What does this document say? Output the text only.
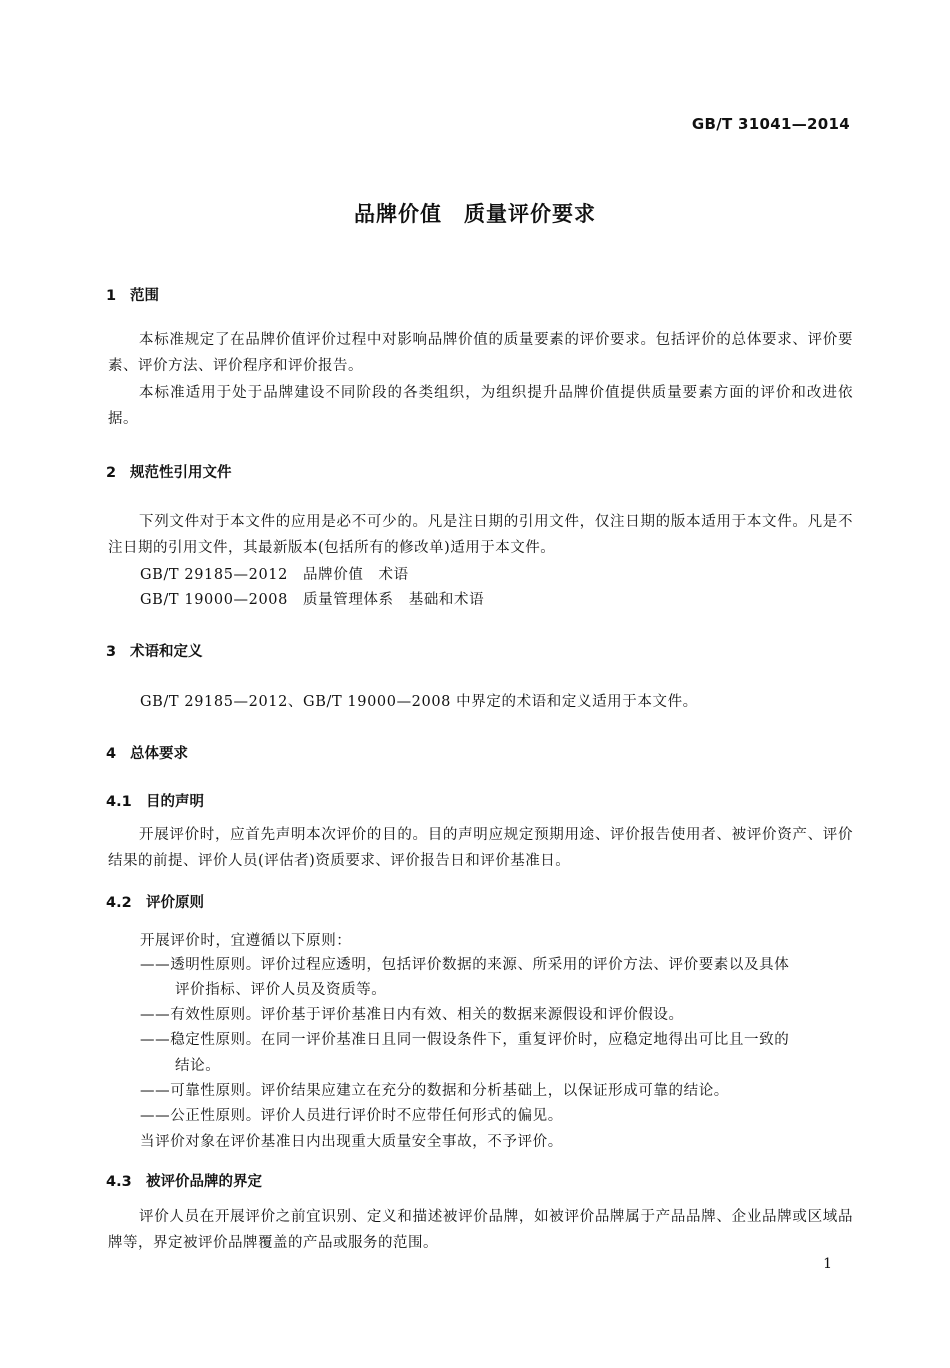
GB/T 31041—2014
品牌价值　质量评价要求
1 范围
本标准规定了在品牌价值评价过程中对影响品牌价值的质量要素的评价要求。包括评价的总体要求、评价要素、评价方法、评价程序和评价报告。
本标准适用于处于品牌建设不同阶段的各类组织，为组织提升品牌价值提供质量要素方面的评价和改进依据。
2 规范性引用文件
下列文件对于本文件的应用是必不可少的。凡是注日期的引用文件，仅注日期的版本适用于本文件。凡是不注日期的引用文件，其最新版本(包括所有的修改单)适用于本文件。
GB/T 29185—2012　品牌价值　术语
GB/T 19000—2008　质量管理体系　基础和术语
3 术语和定义
GB/T 29185—2012、GB/T 19000—2008 中界定的术语和定义适用于本文件。
4 总体要求
4.1 目的声明
开展评价时，应首先声明本次评价的目的。目的声明应规定预期用途、评价报告使用者、被评价资产、评价结果的前提、评价人员(评估者)资质要求、评价报告日和评价基准日。
4.2 评价原则
开展评价时，宜遵循以下原则：
——透明性原则。评价过程应透明，包括评价数据的来源、所采用的评价方法、评价要素以及具体
评价指标、评价人员及资质等。
——有效性原则。评价基于评价基准日内有效、相关的数据来源假设和评价假设。
——稳定性原则。在同一评价基准日且同一假设条件下，重复评价时，应稳定地得出可比且一致的
结论。
——可靠性原则。评价结果应建立在充分的数据和分析基础上，以保证形成可靠的结论。
——公正性原则。评价人员进行评价时不应带任何形式的偏见。
当评价对象在评价基准日内出现重大质量安全事故，不予评价。
4.3 被评价品牌的界定
评价人员在开展评价之前宜识别、定义和描述被评价品牌，如被评价品牌属于产品品牌、企业品牌或区域品牌等，界定被评价品牌覆盖的产品或服务的范围。
1
